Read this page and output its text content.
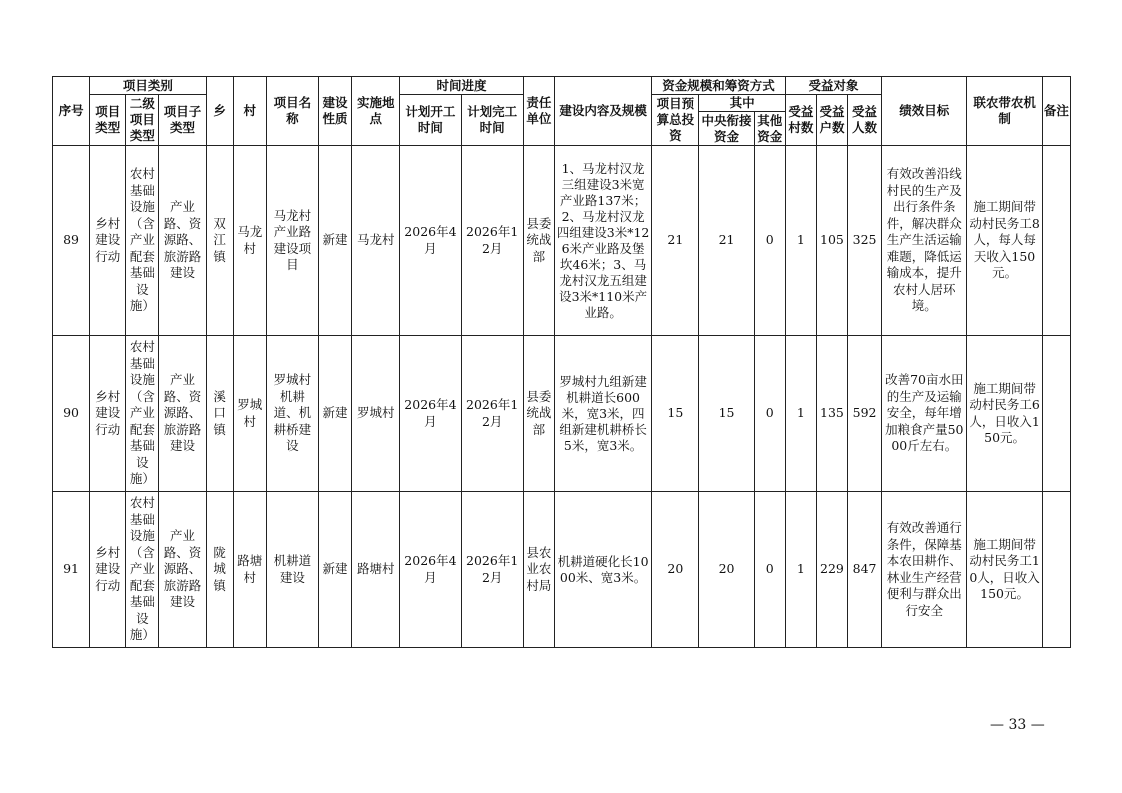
序号	项目类别			乡	村	项目名称	建设性质	实施地点	时间进度		责任单位	建设内容及规模	资金规模和筹资方式			受益对象			绩效目标	联农带农机制	备注
	项目类型	二级项目类型	项目子类型						计划开工时间	计划完工时间			项目预算总投资	其中		受益村数	受益户数	受益人数			
														中央衔接资金	其他资金						
89	乡村建设行动	农村基础设施（含产业配套基础设施）	产业路、资源路、旅游路建设	双江镇	马龙村	马龙村产业路建设项目	新建	马龙村	2026年4月	2026年12月	县委统战部	1、马龙村汉龙三组建设3米宽产业路137米；2、马龙村汉龙四组建设3米*126米产业路及堡坎46米；3、马龙村汉龙五组建设3米*110米产业路。	21	21	0	1	105	325	有效改善沿线村民的生产及出行条件条件，解决群众生产生活运输难题，降低运输成本，提升农村人居环境。	施工期间带动村民务工8人，每人每天收入150元。	
90	乡村建设行动	农村基础设施（含产业配套基础设施）	产业路、资源路、旅游路建设	溪口镇	罗城村	罗城村机耕道、机耕桥建设	新建	罗城村	2026年4月	2026年12月	县委统战部	罗城村九组新建机耕道长600米，宽3米，四组新建机耕桥长5米，宽3米。	15	15	0	1	135	592	改善70亩水田的生产及运输安全，每年增加粮食产量5000斤左右。	施工期间带动村民务工6人，日收入150元。	
91	乡村建设行动	农村基础设施（含产业配套基础设施）	产业路、资源路、旅游路建设	陇城镇	路塘村	机耕道建设	新建	路塘村	2026年4月	2026年12月	县农业农村局	机耕道硬化长1000米、宽3米。	20	20	0	1	229	847	有效改善通行条件，保障基本农田耕作、林业生产经营便利与群众出行安全	施工期间带动村民务工10人，日收入150元。	
— 33 —
